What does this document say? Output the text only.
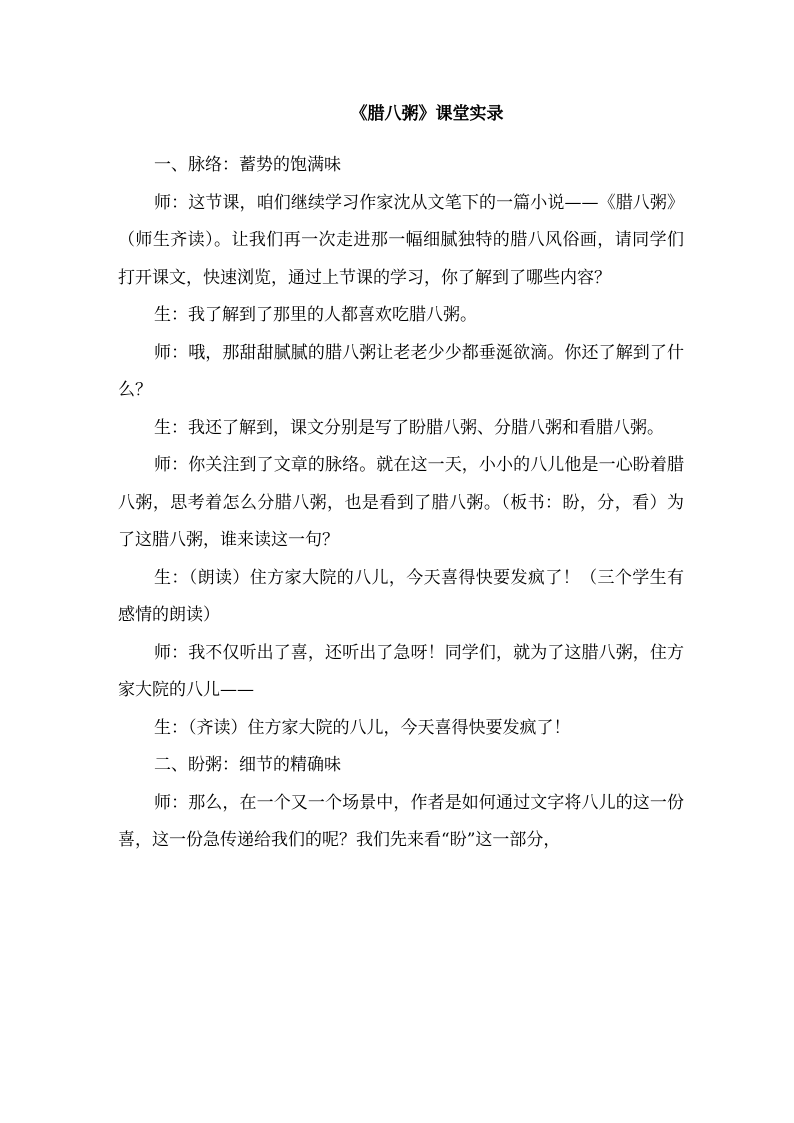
《腊八粥》课堂实录

一、脉络：蓄势的饱满味

师：这节课，咱们继续学习作家沈从文笔下的一篇小说——《腊八粥》（师生齐读）。让我们再一次走进那一幅细腻独特的腊八风俗画，请同学们打开课文，快速浏览，通过上节课的学习，你了解到了哪些内容？

生：我了解到了那里的人都喜欢吃腊八粥。

师：哦，那甜甜腻腻的腊八粥让老老少少都垂涎欲滴。你还了解到了什么？

生：我还了解到，课文分别是写了盼腊八粥、分腊八粥和看腊八粥。

师：你关注到了文章的脉络。就在这一天，小小的八儿他是一心盼着腊八粥，思考着怎么分腊八粥，也是看到了腊八粥。（板书：盼，分，看）为了这腊八粥，谁来读这一句？

生：（朗读）住方家大院的八儿，今天喜得快要发疯了！（三个学生有感情的朗读）

师：我不仅听出了喜，还听出了急呀！同学们，就为了这腊八粥，住方家大院的八儿——

生：（齐读）住方家大院的八儿，今天喜得快要发疯了！

二、盼粥：细节的精确味

师：那么，在一个又一个场景中，作者是如何通过文字将八儿的这一份喜，这一份急传递给我们的呢？我们先来看“盼”这一部分，
